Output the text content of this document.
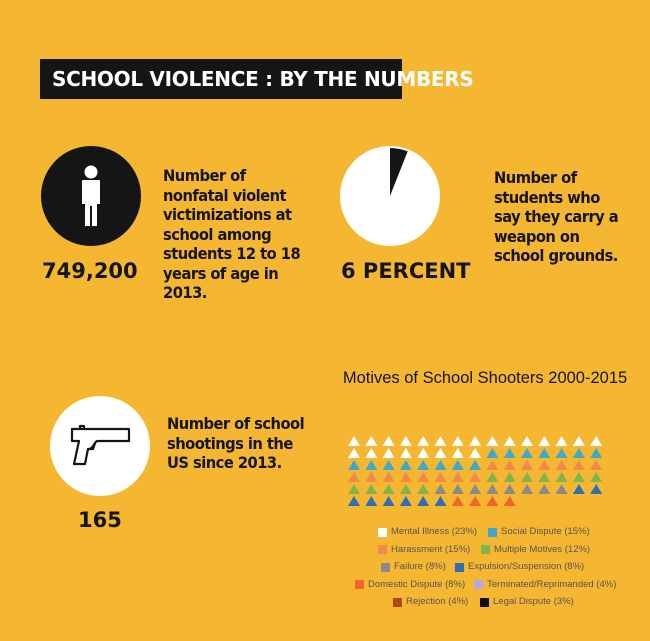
SCHOOL VIOLENCE : BY THE NUMBERS
749,200
Number of nonfatal violent victimizations at school among students 12 to 18 years of age in 2013.
6 PERCENT
Number of students who say they carry a weapon on school grounds.
165
Number of school shootings in the US since 2013.
Motives of School Shooters 2000-2015
Mental Illness (23%)	Social Dispute (15%)
Harassment (15%)	Multiple Motives (12%)
Failure (8%) Expulsion/Suspension (8%)
Domestic Dispute (8%) Terminated/Reprimanded (4%)
Rejection (4%)	Legal Dispute (3%)
